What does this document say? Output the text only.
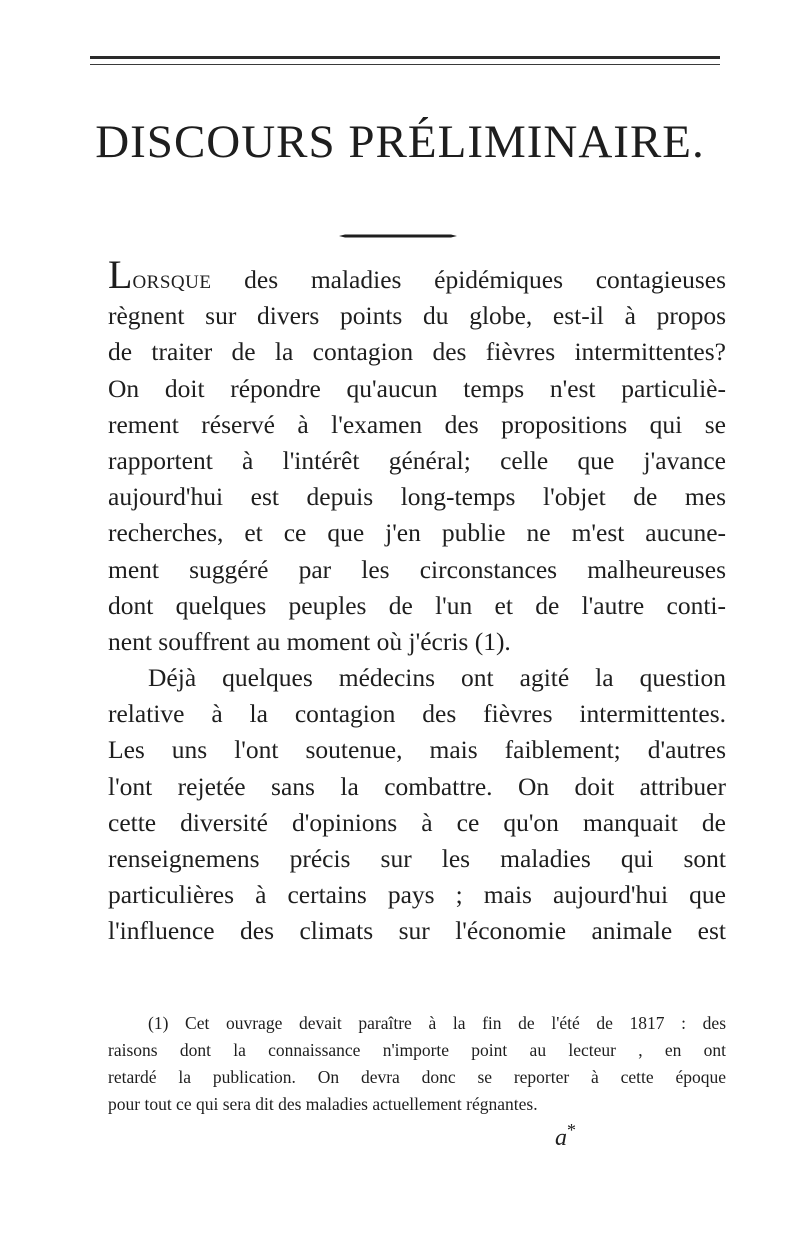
DISCOURS PRÉLIMINAIRE.
LORSQUE des maladies épidémiques contagieuses
règnent sur divers points du globe, est-il à propos
de traiter de la contagion des fièvres intermittentes?
On doit répondre qu'aucun temps n'est particuliè-
rement réservé à l'examen des propositions qui se
rapportent à l'intérêt général; celle que j'avance
aujourd'hui est depuis long-temps l'objet de mes
recherches, et ce que j'en publie ne m'est aucune-
ment suggéré par les circonstances malheureuses
dont quelques peuples de l'un et de l'autre conti-
nent souffrent au moment où j'écris (1).
Déjà quelques médecins ont agité la question
relative à la contagion des fièvres intermittentes.
Les uns l'ont soutenue, mais faiblement; d'autres
l'ont rejetée sans la combattre. On doit attribuer
cette diversité d'opinions à ce qu'on manquait de
renseignemens précis sur les maladies qui sont
particulières à certains pays ; mais aujourd'hui que
l'influence des climats sur l'économie animale est
(1) Cet ouvrage devait paraître à la fin de l'été de 1817 : des
raisons dont la connaissance n'importe point au lecteur , en ont
retardé la publication. On devra donc se reporter à cette époque
pour tout ce qui sera dit des maladies actuellement régnantes.
a*
